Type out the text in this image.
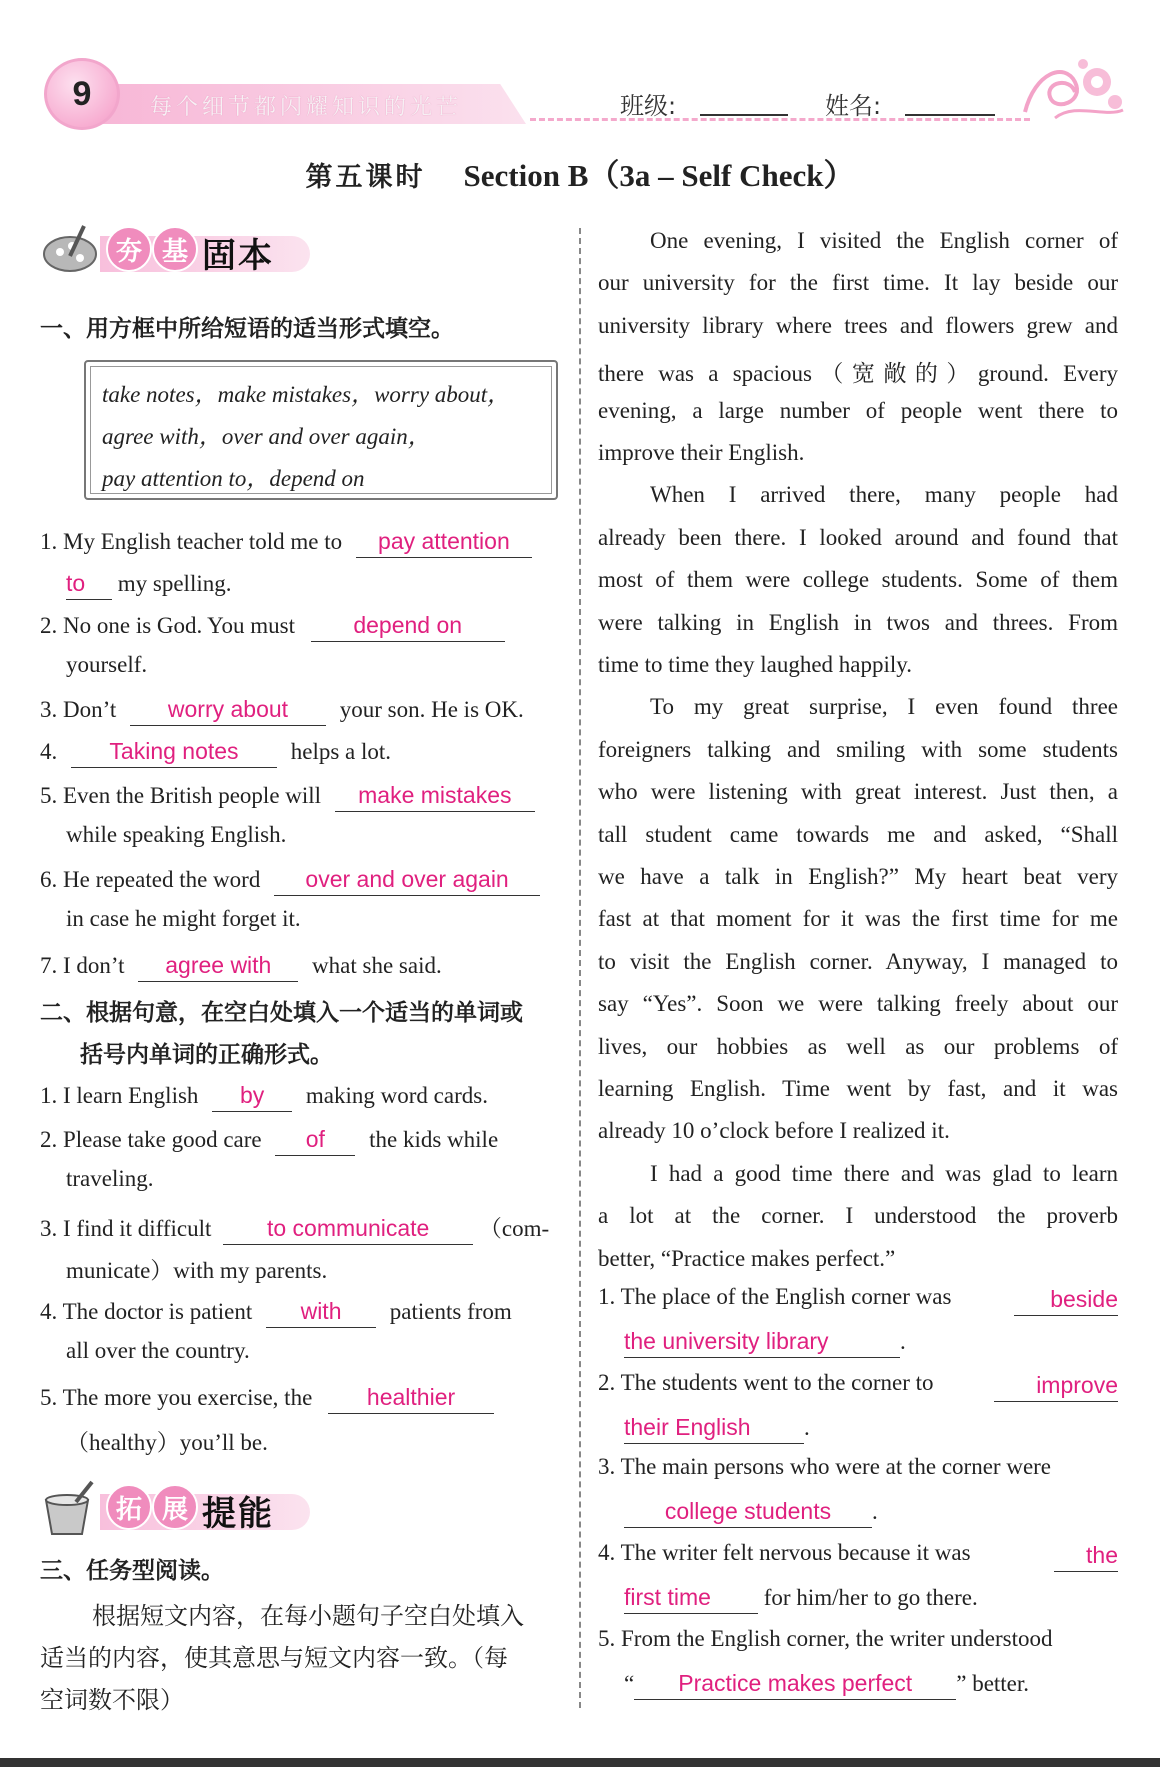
9	每个细节都闪耀知识的光芒	班级:	姓名:
第五课时 Section B（3a – Self Check）
夯 基 固本
一、用方框中所给短语的适当形式填空。
take notes，make mistakes，worry about，
agree with，over and over again，
pay attention to，depend on
1. My English teacher told me to pay attention
to my spelling.
2. No one is God. You must	depend on
yourself.
3. Don’t worry about your son. He is OK.
4. Taking notes helps a lot.
5. Even the British people will make mistakes
while speaking English.
6. He repeated the word over and over again
in case he might forget it.
7. I don’t agree with what she said.
二、根据句意，在空白处填入一个适当的单词或
括号内单词的正确形式。
1. I learn English by making word cards.
2. Please take good care of the kids while
traveling.
3. I find it difficult to communicate （com-
municate）with my parents.
4. The doctor is patient with patients from
all over the country.
5. The more you exercise, the healthier
（healthy）you’ll be.
拓 展 提能
三、任务型阅读。
根据短文内容，在每小题句子空白处填入
适当的内容，使其意思与短文内容一致。（每
空词数不限）
One evening, I visited the English corner of
our university for the first time. It lay beside our
university library where trees and flowers grew and
there was a spacious（宽敞的）ground. Every
evening, a large number of people went there to
improve their English.
When I arrived there, many people had
already been there. I looked around and found that
most of them were college students. Some of them
were talking in English in twos and threes. From
time to time they laughed happily.
To my great surprise, I even found three
foreigners talking and smiling with some students
who were listening with great interest. Just then, a
tall student came towards me and asked, “Shall
we have a talk in English?” My heart beat very
fast at that moment for it was the first time for me
to visit the English corner. Anyway, I managed to
say “Yes”. Soon we were talking freely about our
lives, our hobbies as well as our problems of
learning English. Time went by fast, and it was
already 10 o’clock before I realized it.
I had a good time there and was glad to learn
a lot at the corner. I understood the proverb
better, “Practice makes perfect.”
1. The place of the English corner was	beside
the university library	.
2. The students went to the corner to	improve
their English .
3. The main persons who were at the corner were
college students .
4. The writer felt nervous because it was	the
first time for him/her to go there.
5. From the English corner, the writer understood
“ Practice makes perfect ” better.
